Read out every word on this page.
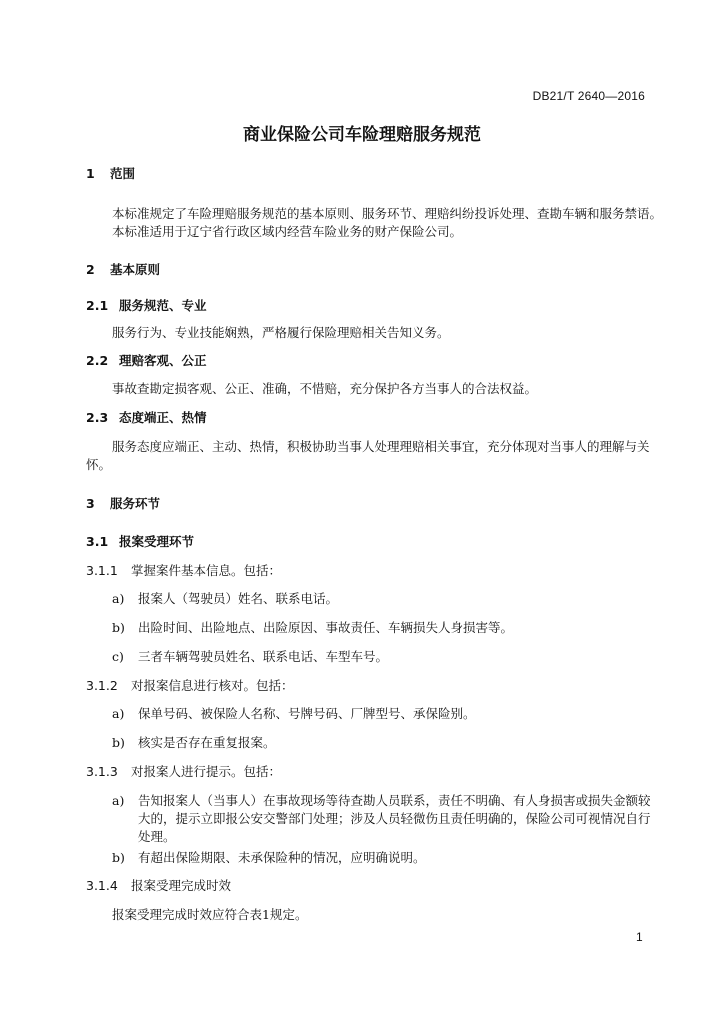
DB21/T 2640—2016
商业保险公司车险理赔服务规范
1 范围
本标准规定了车险理赔服务规范的基本原则、服务环节、理赔纠纷投诉处理、查勘车辆和服务禁语。
本标准适用于辽宁省行政区域内经营车险业务的财产保险公司。
2 基本原则
2.1 服务规范、专业
服务行为、专业技能娴熟，严格履行保险理赔相关告知义务。
2.2 理赔客观、公正
事故查勘定损客观、公正、准确，不惜赔，充分保护各方当事人的合法权益。
2.3 态度端正、热情
服务态度应端正、主动、热情，积极协助当事人处理理赔相关事宜，充分体现对当事人的理解与关
怀。
3 服务环节
3.1 报案受理环节
3.1.1 掌握案件基本信息。包括：
a) 报案人（驾驶员）姓名、联系电话。
b) 出险时间、出险地点、出险原因、事故责任、车辆损失人身损害等。
c) 三者车辆驾驶员姓名、联系电话、车型车号。
3.1.2 对报案信息进行核对。包括：
a) 保单号码、被保险人名称、号牌号码、厂牌型号、承保险别。
b) 核实是否存在重复报案。
3.1.3 对报案人进行提示。包括：
a) 告知报案人（当事人）在事故现场等待查勘人员联系，责任不明确、有人身损害或损失金额较
大的，提示立即报公安交警部门处理；涉及人员轻微伤且责任明确的，保险公司可视情况自行
处理。
b) 有超出保险期限、未承保险种的情况，应明确说明。
3.1.4 报案受理完成时效
报案受理完成时效应符合表1规定。
1
